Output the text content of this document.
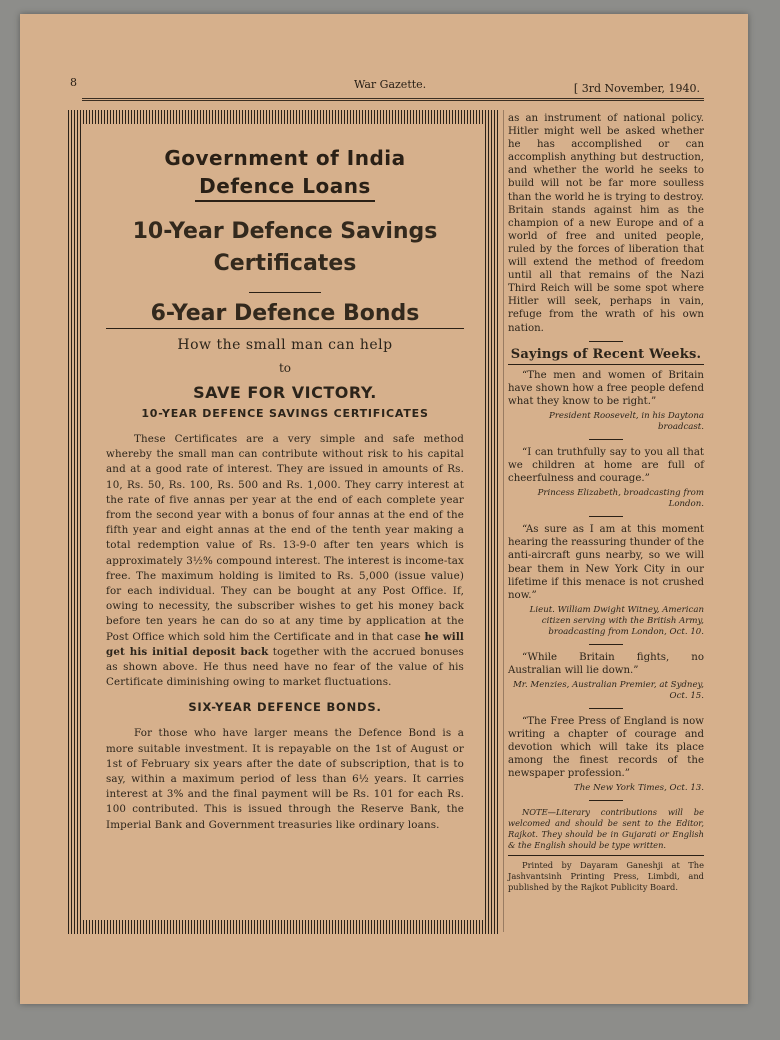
8	War Gazette.	[ 3rd November, 1940.
Government of India
Defence Loans
10-Year Defence Savings Certificates
6-Year Defence Bonds
How the small man can help
to
SAVE FOR VICTORY.
10-YEAR DEFENCE SAVINGS CERTIFICATES

These Certificates are a very simple and safe method whereby the small man can contribute without risk to his capital and at a good rate of interest. They are issued in amounts of Rs. 10, Rs. 50, Rs. 100, Rs. 500 and Rs. 1,000. They carry interest at the rate of five annas per year at the end of each complete year from the second year with a bonus of four annas at the end of the fifth year and eight annas at the end of the tenth year making a total redemption value of Rs. 13-9-0 after ten years which is approximately 3½% compound interest. The interest is income-tax free. The maximum holding is limited to Rs. 5,000 (issue value) for each individual. They can be bought at any Post Office. If, owing to necessity, the subscriber wishes to get his money back before ten years he can do so at any time by application at the Post Office which sold him the Certificate and in that case he will get his initial deposit back together with the accrued bonuses as shown above. He thus need have no fear of the value of his Certificate diminishing owing to market fluctuations.

SIX-YEAR DEFENCE BONDS.

For those who have larger means the Defence Bond is a more suitable investment. It is repayable on the 1st of August or 1st of February six years after the date of subscription, that is to say, within a maximum period of less than 6½ years. It carries interest at 3% and the final payment will be Rs. 101 for each Rs. 100 contributed. This is issued through the Reserve Bank, the Imperial Bank and Government treasuries like ordinary loans.

as an instrument of national policy. Hitler might well be asked whether he has accomplished or can accomplish anything but destruction, and whether the world he seeks to build will not be far more soulless than the world he is trying to destroy. Britain stands against him as the champion of a new Europe and of a world of free and united people, ruled by the forces of liberation that will extend the method of freedom until all that remains of the Nazi Third Reich will be some spot where Hitler will seek, perhaps in vain, refuge from the wrath of his own nation.

Sayings of Recent Weeks.

“The men and women of Britain have shown how a free people defend what they know to be right.”

President Roosevelt, in his Daytona broadcast.

“I can truthfully say to you all that we children at home are full of cheerfulness and courage.”

Princess Elizabeth, broadcasting from London.

“As sure as I am at this moment hearing the reassuring thunder of the anti-aircraft guns nearby, so we will bear them in New York City in our lifetime if this menace is not crushed now.”

Lieut. William Dwight Witney, American citizen serving with the British Army, broadcasting from London, Oct. 10.

“While Britain fights, no Australian will lie down.”

Mr. Menzies, Australian Premier, at Sydney, Oct. 15.

“The Free Press of England is now writing a chapter of courage and devotion which will take its place among the finest records of the newspaper profession.”

The New York Times, Oct. 13.

NOTE—Literary contributions will be welcomed and should be sent to the Editor, Rajkot. They should be in Gujarati or English & the English should be type written.

Printed by Dayaram Ganeshji at The Jashvantsinh Printing Press, Limbdi, and published by the Rajkot Publicity Board.
